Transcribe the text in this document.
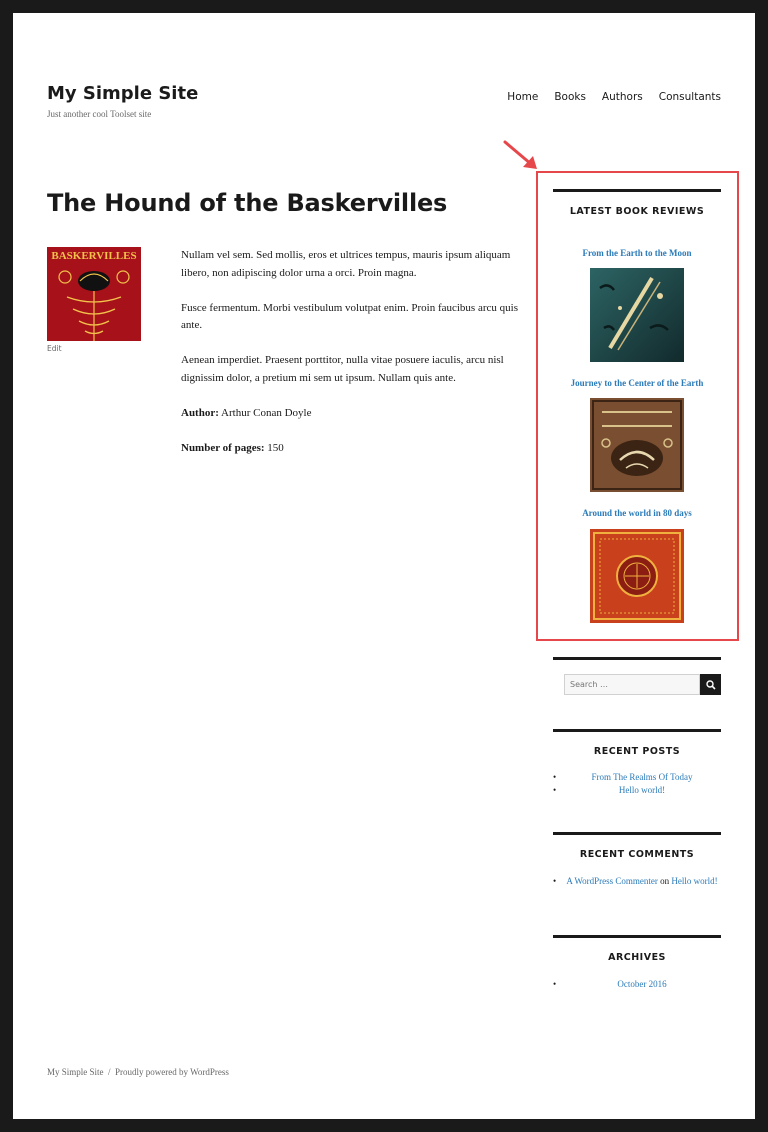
My Simple Site
Just another cool Toolset site
Home Books Authors Consultants
The Hound of the Baskervilles
BASKERVILLES
Edit

Nullam vel sem. Sed mollis, eros et ultrices tempus, mauris ipsum aliquam libero, non adipiscing dolor urna a orci. Proin magna.

Fusce fermentum. Morbi vestibulum volutpat enim. Proin faucibus arcu quis ante.

Aenean imperdiet. Praesent porttitor, nulla vitae posuere iaculis, arcu nisl dignissim dolor, a pretium mi sem ut ipsum. Nullam quis ante.

Author: Arthur Conan Doyle

Number of pages: 150

LATEST BOOK REVIEWS
From the Earth to the Moon
Journey to the Center of the Earth
Around the world in 80 days
Search …
RECENT POSTS
• From The Realms Of Today
• Hello world!
RECENT COMMENTS
• A WordPress Commenter on Hello world!
ARCHIVES
• October 2016
My Simple Site / Proudly powered by WordPress
